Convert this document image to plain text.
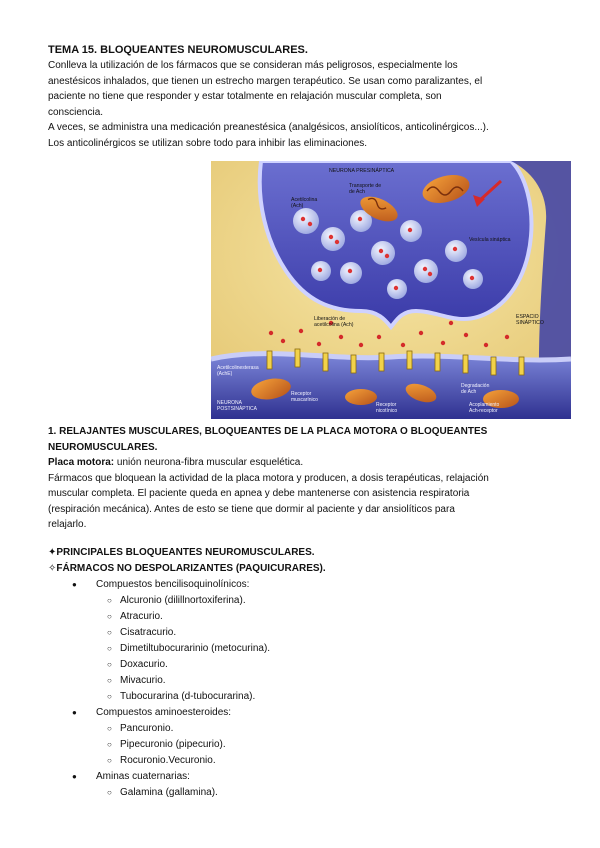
TEMA 15. BLOQUEANTES NEUROMUSCULARES.
Conlleva la utilización de los fármacos que se consideran más peligrosos, especialmente los
anestésicos inhalados, que tienen un estrecho margen terapéutico. Se usan como paralizantes, el
paciente no tiene que responder y estar totalmente en relajación muscular completa, son
consciencia.
A veces, se administra una medicación preanestésica (analgésicos, ansiolíticos, anticolinérgicos...).
Los anticolinérgicos se utilizan sobre todo para inhibir las eliminaciones.
NEURONA PRESINÁPTICA
Transporte de
de Ach
Acetilcolina
(Ach)
Vesícula sináptica
ESPACIO
SINÁPTICO
Liberación de
acetilcolina (Ach)
Acetilcolinesterasa
(AchE)
NEURONA
POSTSINÁPTICA
Receptor
muscarínico
Receptor
nicotínico
Degradación
de Ach
Acoplamiento
Ach-receptor
1. RELAJANTES MUSCULARES, BLOQUEANTES DE LA PLACA MOTORA O BLOQUEANTES
NEUROMUSCULARES.
Placa motora: unión neurona-fibra muscular esquelética.
Fármacos que bloquean la actividad de la placa motora y producen, a dosis terapéuticas, relajación
muscular completa. El paciente queda en apnea y debe mantenerse con asistencia respiratoria
(respiración mecánica). Antes de esto se tiene que dormir al paciente y dar ansiolíticos para
relajarlo.
✦PRINCIPALES BLOQUEANTES NEUROMUSCULARES.
✧FÁRMACOS NO DESPOLARIZANTES (PAQUICURARES).
● Compuestos bencilisoquinolínicos:
○ Alcuronio (dilillnortoxiferina).
○ Atracurio.
○ Cisatracurio.
○ Dimetiltubocurarinio (metocurina).
○ Doxacurio.
○ Mivacurio.
○ Tubocurarina (d-tubocurarina).
● Compuestos aminoesteroides:
○ Pancuronio.
○ Pipecuronio (pipecurio).
○ Rocuronio.Vecuronio.
● Aminas cuaternarias:
○ Galamina (gallamina).
